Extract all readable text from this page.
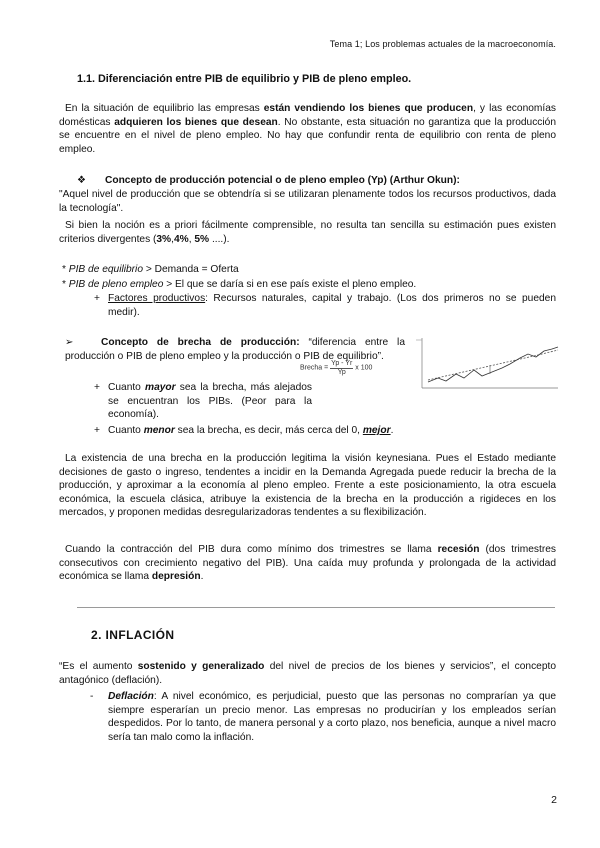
Tema 1; Los problemas actuales de la macroeconomía.
1.1. Diferenciación entre PIB de equilibrio y PIB de pleno empleo.

En la situación de equilibrio las empresas están vendiendo los bienes que producen, y las economías domésticas adquieren los bienes que desean. No obstante, esta situación no garantiza que la producción se encuentre en el nivel de pleno empleo. No hay que confundir renta de equilibrio con renta de pleno empleo.

❖ Concepto de producción potencial o de pleno empleo (Yp) (Arthur Okun):

"Aquel nivel de producción que se obtendría si se utilizaran plenamente todos los recursos productivos, dada la tecnología".

Si bien la noción es a priori fácilmente comprensible, no resulta tan sencilla su estimación pues existen criterios divergentes (3%,4%, 5% ....).

* PIB de equilibrio > Demanda = Oferta
* PIB de pleno empleo > El que se daría si en ese país existe el pleno empleo.
+ Factores productivos: Recursos naturales, capital y trabajo. (Los dos primeros no se pueden medir).

➢	Concepto de brecha de producción: “diferencia entre la producción o PIB de pleno empleo y la producción o PIB de equilibrio”.
+ Cuanto mayor sea la brecha, más alejados se encuentran los PIBs. (Peor para la economía).

+ Cuanto menor sea la brecha, es decir, más cerca del 0, mejor.

Brecha = $\frac{Yp - Yr}{Yp}$ x 100

La existencia de una brecha en la producción legitima la visión keynesiana. Pues el Estado mediante decisiones de gasto o ingreso, tendentes a incidir en la Demanda Agregada puede reducir la brecha de la producción, y aproximar a la economía al pleno empleo. Frente a este posicionamiento, la otra escuela económica, la escuela clásica, atribuye la existencia de la brecha en la producción a rigideces en los mercados, y proponen medidas desregularizadoras tendentes a su flexibilización.

Cuando la contracción del PIB dura como mínimo dos trimestres se llama recesión (dos trimestres consecutivos con crecimiento negativo del PIB). Una caída muy profunda y prolongada de la actividad económica se llama depresión.

2. INFLACIÓN

“Es el aumento sostenido y generalizado del nivel de precios de los bienes y servicios”, el concepto antagónico (deflación).

- Deflación: A nivel económico, es perjudicial, puesto que las personas no comprarían ya que siempre esperarían un precio menor. Las empresas no producirían y los empleados serían despedidos. Por lo tanto, de manera personal y a corto plazo, nos beneficia, aunque a nivel macro sería tan malo como la inflación.

2
